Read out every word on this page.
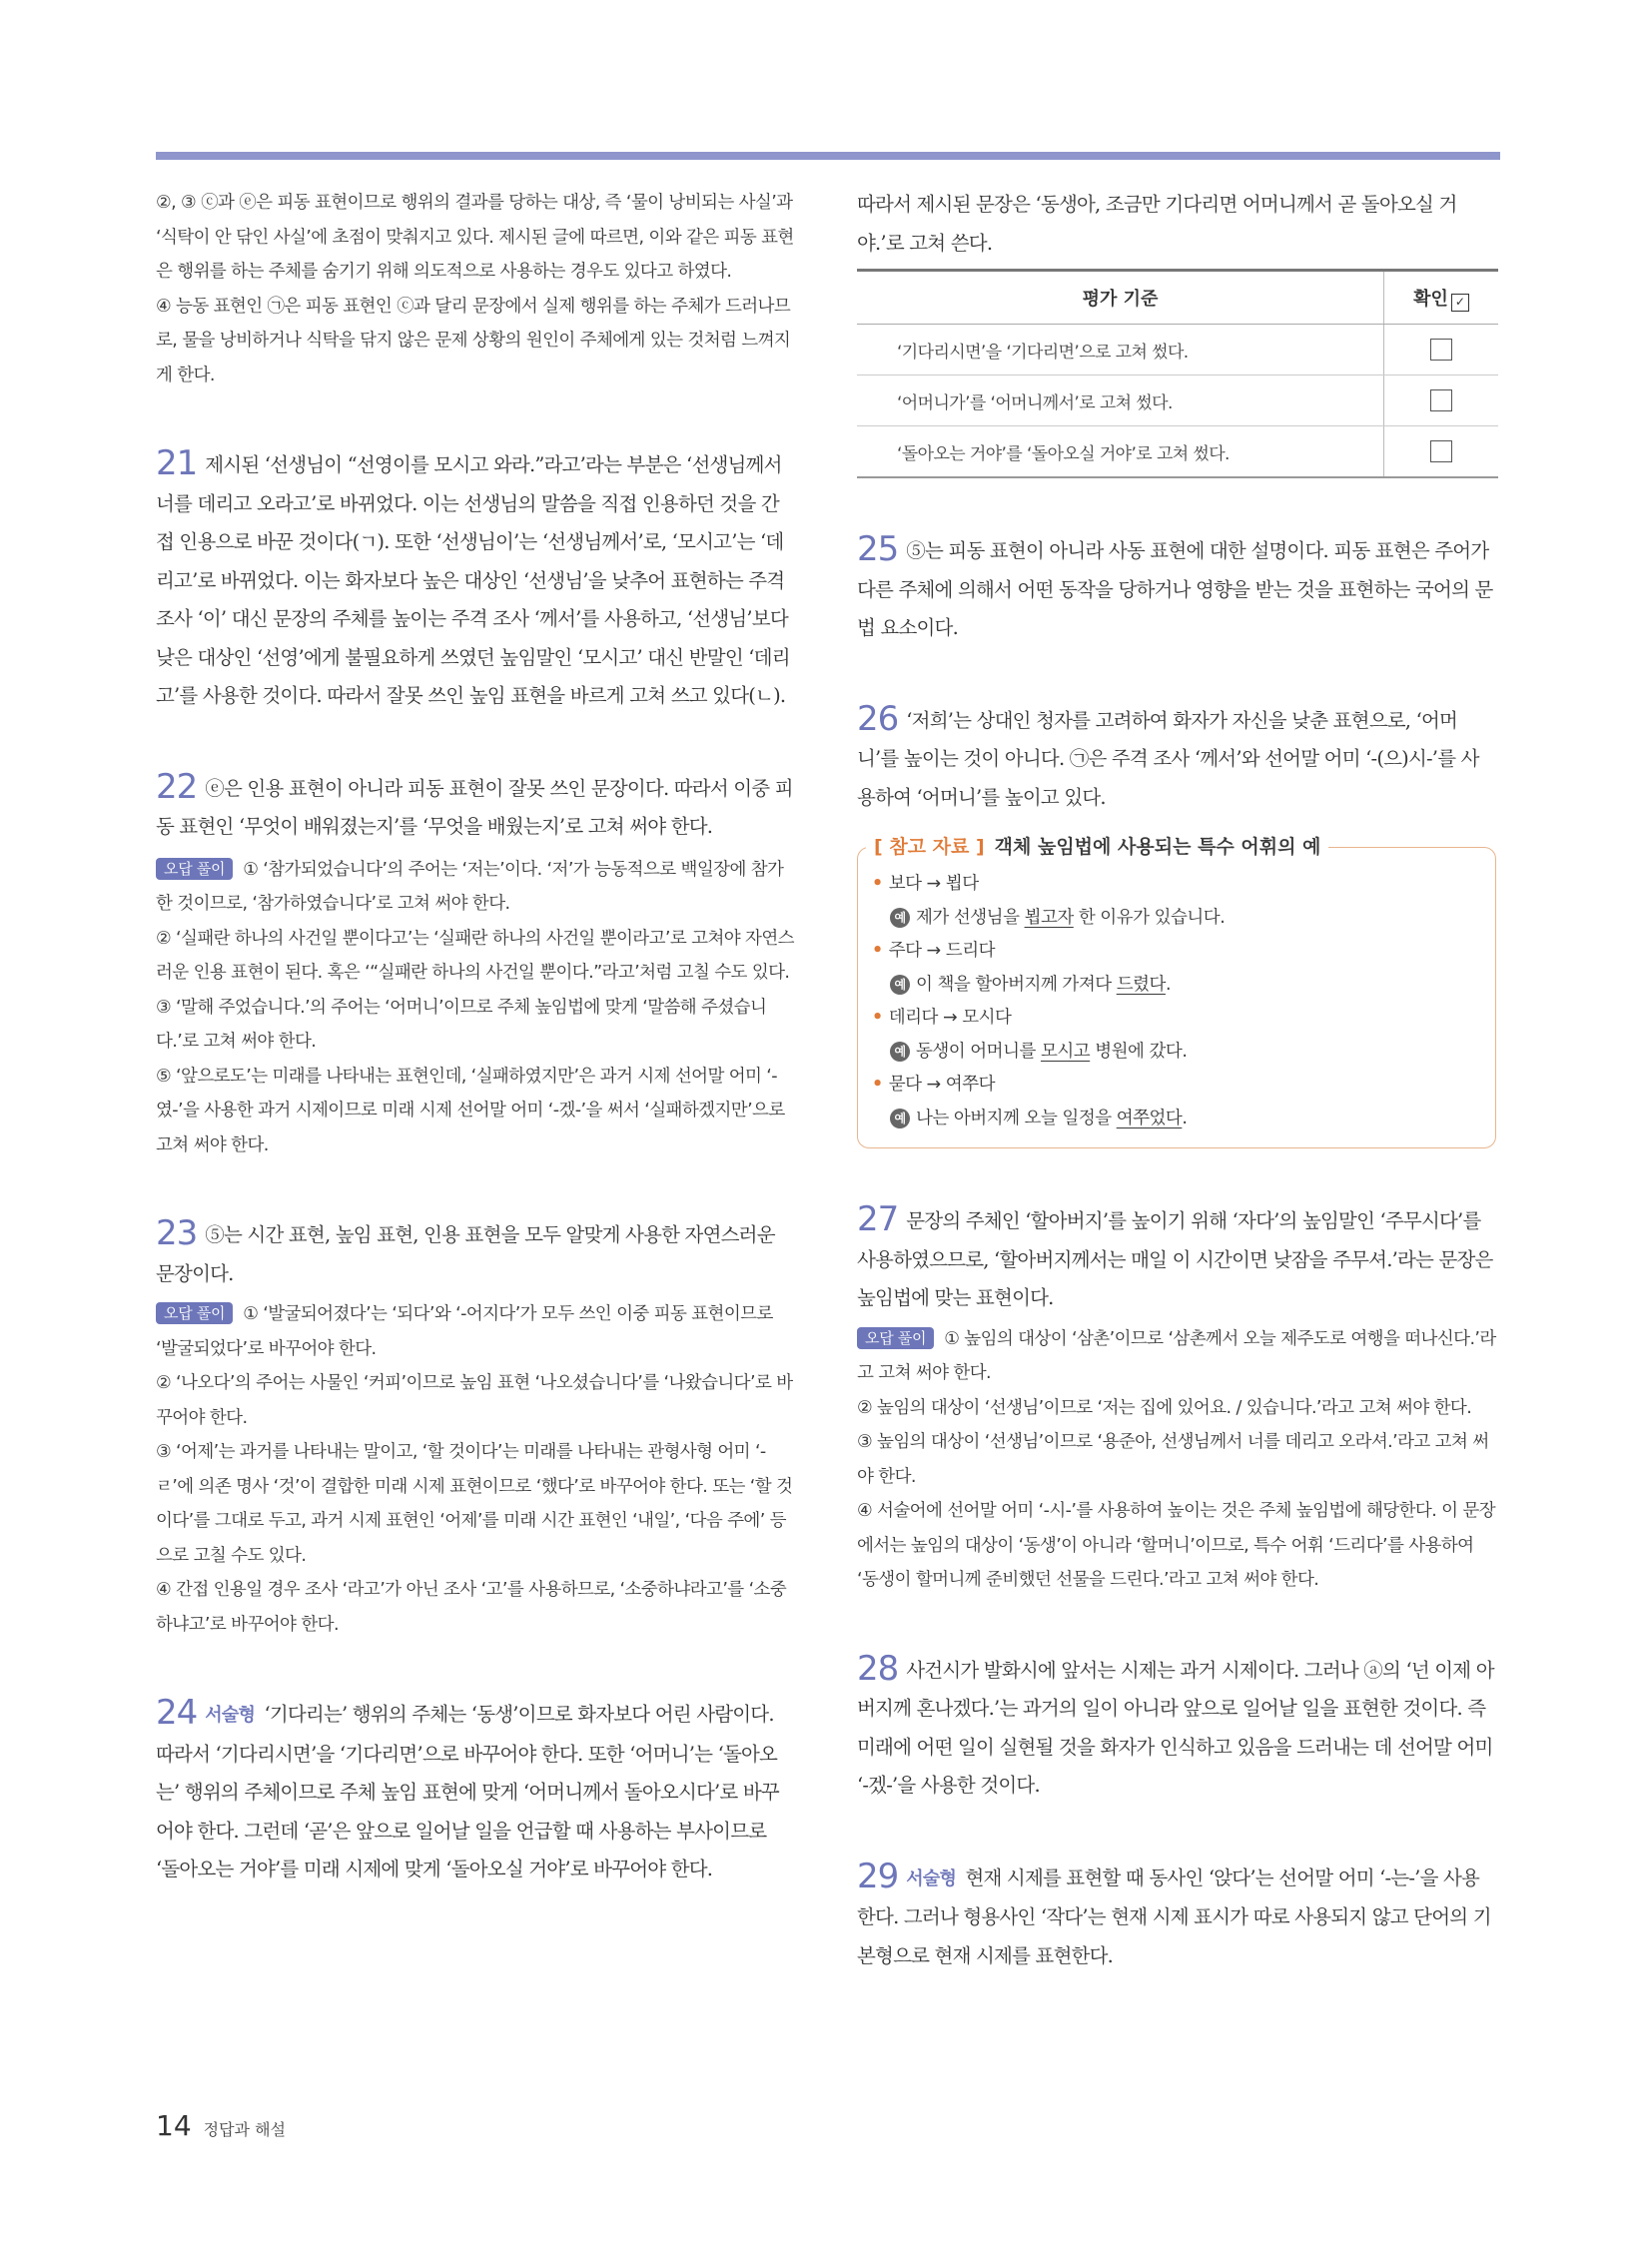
②, ③ ⓒ과 ⓔ은 피동 표현이므로 행위의 결과를 당하는 대상, 즉 ‘물이 낭비되는 사실’과 ‘식탁이 안 닦인 사실’에 초점이 맞춰지고 있다. 제시된 글에 따르면, 이와 같은 피동 표현은 행위를 하는 주체를 숨기기 위해 의도적으로 사용하는 경우도 있다고 하였다.

④ 능동 표현인 ㉠은 피동 표현인 ⓒ과 달리 문장에서 실제 행위를 하는 주체가 드러나므로, 물을 낭비하거나 식탁을 닦지 않은 문제 상황의 원인이 주체에게 있는 것처럼 느껴지게 한다.

21 제시된 ‘선생님이 “선영이를 모시고 와라.”라고’라는 부분은 ‘선생님께서 너를 데리고 오라고’로 바뀌었다. 이는 선생님의 말씀을 직접 인용하던 것을 간접 인용으로 바꾼 것이다(ㄱ). 또한 ‘선생님이’는 ‘선생님께서’로, ‘모시고’는 ‘데리고’로 바뀌었다. 이는 화자보다 높은 대상인 ‘선생님’을 낮추어 표현하는 주격 조사 ‘이’ 대신 문장의 주체를 높이는 주격 조사 ‘께서’를 사용하고, ‘선생님’보다 낮은 대상인 ‘선영’에게 불필요하게 쓰였던 높임말인 ‘모시고’ 대신 반말인 ‘데리고’를 사용한 것이다. 따라서 잘못 쓰인 높임 표현을 바르게 고쳐 쓰고 있다(ㄴ).

22 ⓔ은 인용 표현이 아니라 피동 표현이 잘못 쓰인 문장이다. 따라서 이중 피동 표현인 ‘무엇이 배워졌는지’를 ‘무엇을 배웠는지’로 고쳐 써야 한다.

오답 풀이 ① ‘참가되었습니다’의 주어는 ‘저는’이다. ‘저’가 능동적으로 백일장에 참가한 것이므로, ‘참가하였습니다’로 고쳐 써야 한다.

② ‘실패란 하나의 사건일 뿐이다고’는 ‘실패란 하나의 사건일 뿐이라고’로 고쳐야 자연스러운 인용 표현이 된다. 혹은 ‘“실패란 하나의 사건일 뿐이다.”라고’처럼 고칠 수도 있다.

③ ‘말해 주었습니다.’의 주어는 ‘어머니’이므로 주체 높임법에 맞게 ‘말씀해 주셨습니다.’로 고쳐 써야 한다.

⑤ ‘앞으로도’는 미래를 나타내는 표현인데, ‘실패하였지만’은 과거 시제 선어말 어미 ‘-였-’을 사용한 과거 시제이므로 미래 시제 선어말 어미 ‘-겠-’을 써서 ‘실패하겠지만’으로 고쳐 써야 한다.

23 ⑤는 시간 표현, 높임 표현, 인용 표현을 모두 알맞게 사용한 자연스러운 문장이다.

오답 풀이 ① ‘발굴되어졌다’는 ‘되다’와 ‘-어지다’가 모두 쓰인 이중 피동 표현이므로 ‘발굴되었다’로 바꾸어야 한다.

② ‘나오다’의 주어는 사물인 ‘커피’이므로 높임 표현 ‘나오셨습니다’를 ‘나왔습니다’로 바꾸어야 한다.

③ ‘어제’는 과거를 나타내는 말이고, ‘할 것이다’는 미래를 나타내는 관형사형 어미 ‘-ㄹ’에 의존 명사 ‘것’이 결합한 미래 시제 표현이므로 ‘했다’로 바꾸어야 한다. 또는 ‘할 것이다’를 그대로 두고, 과거 시제 표현인 ‘어제’를 미래 시간 표현인 ‘내일’, ‘다음 주에’ 등으로 고칠 수도 있다.

④ 간접 인용일 경우 조사 ‘라고’가 아닌 조사 ‘고’를 사용하므로, ‘소중하냐라고’를 ‘소중하냐고’로 바꾸어야 한다.

24 서술형 ‘기다리는’ 행위의 주체는 ‘동생’이므로 화자보다 어린 사람이다. 따라서 ‘기다리시면’을 ‘기다리면’으로 바꾸어야 한다. 또한 ‘어머니’는 ‘돌아오는’ 행위의 주체이므로 주체 높임 표현에 맞게 ‘어머니께서 돌아오시다’로 바꾸어야 한다. 그런데 ‘곧’은 앞으로 일어날 일을 언급할 때 사용하는 부사이므로 ‘돌아오는 거야’를 미래 시제에 맞게 ‘돌아오실 거야’로 바꾸어야 한다.

따라서 제시된 문장은 ‘동생아, 조금만 기다리면 어머니께서 곧 돌아오실 거야.’로 고쳐 쓴다.

평가 기준	확인 ✓
‘기다리시면’을 ‘기다리면’으로 고쳐 썼다.	
‘어머니가’를 ‘어머니께서’로 고쳐 썼다.	
‘돌아오는 거야’를 ‘돌아오실 거야’로 고쳐 썼다.	

25 ⑤는 피동 표현이 아니라 사동 표현에 대한 설명이다. 피동 표현은 주어가 다른 주체에 의해서 어떤 동작을 당하거나 영향을 받는 것을 표현하는 국어의 문법 요소이다.

26 ‘저희’는 상대인 청자를 고려하여 화자가 자신을 낮춘 표현으로, ‘어머니’를 높이는 것이 아니다. ㉠은 주격 조사 ‘께서’와 선어말 어미 ‘-(으)시-’를 사용하여 ‘어머니’를 높이고 있다.

[ 참고 자료 ] 객체 높임법에 사용되는 특수 어휘의 예
• 보다 → 뵙다
예 제가 선생님을 뵙고자 한 이유가 있습니다.
• 주다 → 드리다
예 이 책을 할아버지께 가져다 드렸다.
• 데리다 → 모시다
예 동생이 어머니를 모시고 병원에 갔다.
• 묻다 → 여쭈다
예 나는 아버지께 오늘 일정을 여쭈었다.

27 문장의 주체인 ‘할아버지’를 높이기 위해 ‘자다’의 높임말인 ‘주무시다’를 사용하였으므로, ‘할아버지께서는 매일 이 시간이면 낮잠을 주무셔.’라는 문장은 높임법에 맞는 표현이다.

오답 풀이 ① 높임의 대상이 ‘삼촌’이므로 ‘삼촌께서 오늘 제주도로 여행을 떠나신다.’라고 고쳐 써야 한다.

② 높임의 대상이 ‘선생님’이므로 ‘저는 집에 있어요. / 있습니다.’라고 고쳐 써야 한다.

③ 높임의 대상이 ‘선생님’이므로 ‘용준아, 선생님께서 너를 데리고 오라셔.’라고 고쳐 써야 한다.

④ 서술어에 선어말 어미 ‘-시-’를 사용하여 높이는 것은 주체 높임법에 해당한다. 이 문장에서는 높임의 대상이 ‘동생’이 아니라 ‘할머니’이므로, 특수 어휘 ‘드리다’를 사용하여 ‘동생이 할머니께 준비했던 선물을 드린다.’라고 고쳐 써야 한다.

28 사건시가 발화시에 앞서는 시제는 과거 시제이다. 그러나 ⓐ의 ‘넌 이제 아버지께 혼나겠다.’는 과거의 일이 아니라 앞으로 일어날 일을 표현한 것이다. 즉 미래에 어떤 일이 실현될 것을 화자가 인식하고 있음을 드러내는 데 선어말 어미 ‘-겠-’을 사용한 것이다.

29 서술형 현재 시제를 표현할 때 동사인 ‘앉다’는 선어말 어미 ‘-는-’을 사용한다. 그러나 형용사인 ‘작다’는 현재 시제 표시가 따로 사용되지 않고 단어의 기본형으로 현재 시제를 표현한다.

14 정답과 해설
